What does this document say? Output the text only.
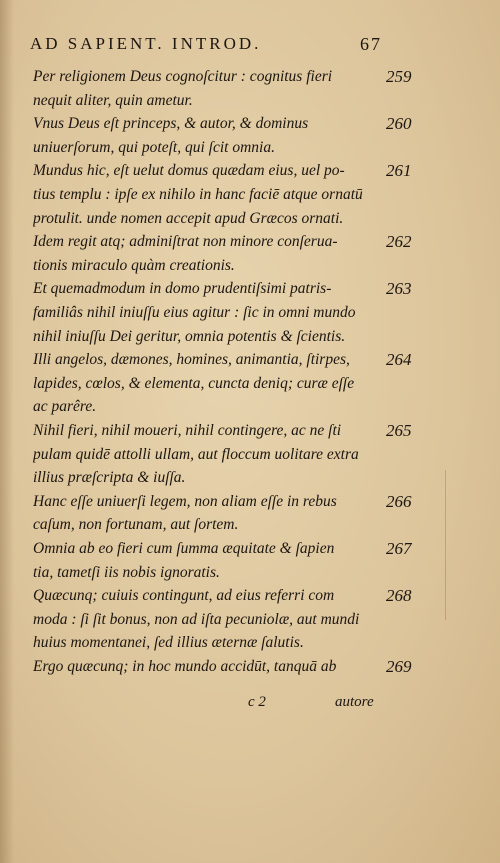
AD SAPIENT. INTROD.	67
259
Per religionem Deus cognoſcitur : cognitus fieri
nequit aliter, quin ametur.
260
Vnus Deus eſt princeps, & autor, & dominus
uniuerſorum, qui poteſt, qui ſcit omnia.
261
Mundus hic, eſt uelut domus quædam eius, uel po-
tius templu : ipſe ex nihilo in hanc faciē atque ornatū
protulit. unde nomen accepit apud Græcos ornati.
262
Idem regit atq; adminiſtrat non minore conſerua-
tionis miraculo quàm creationis.
263
Et quemadmodum in domo prudentiſsimi patris-
familiâs nihil iniuſſu eius agitur : ſic in omni mundo
nihil iniuſſu Dei geritur, omnia potentis & ſcientis.
264
Illi angelos, dæmones, homines, animantia, ſtirpes,
lapides, cœlos, & elementa, cuncta deniq; curæ eſſe
ac parêre.
265
Nihil fieri, nihil moueri, nihil contingere, ac ne ſti
pulam quidē attolli ullam, aut floccum uolitare extra
illius præſcripta & iuſſa.
266
Hanc eſſe uniuerſi legem, non aliam eſſe in rebus
caſum, non fortunam, aut ſortem.
267
Omnia ab eo fieri cum ſumma æquitate & ſapien
tia, tametſi iis nobis ignoratis.
268
Quæcunq; cuiuis contingunt, ad eius referri com
moda : ſi ſit bonus, non ad iſta pecuniolæ, aut mundi
huius momentanei, ſed illius æternæ ſalutis.
269
Ergo quæcunq; in hoc mundo accidūt, tanquā ab
c 2	autore
